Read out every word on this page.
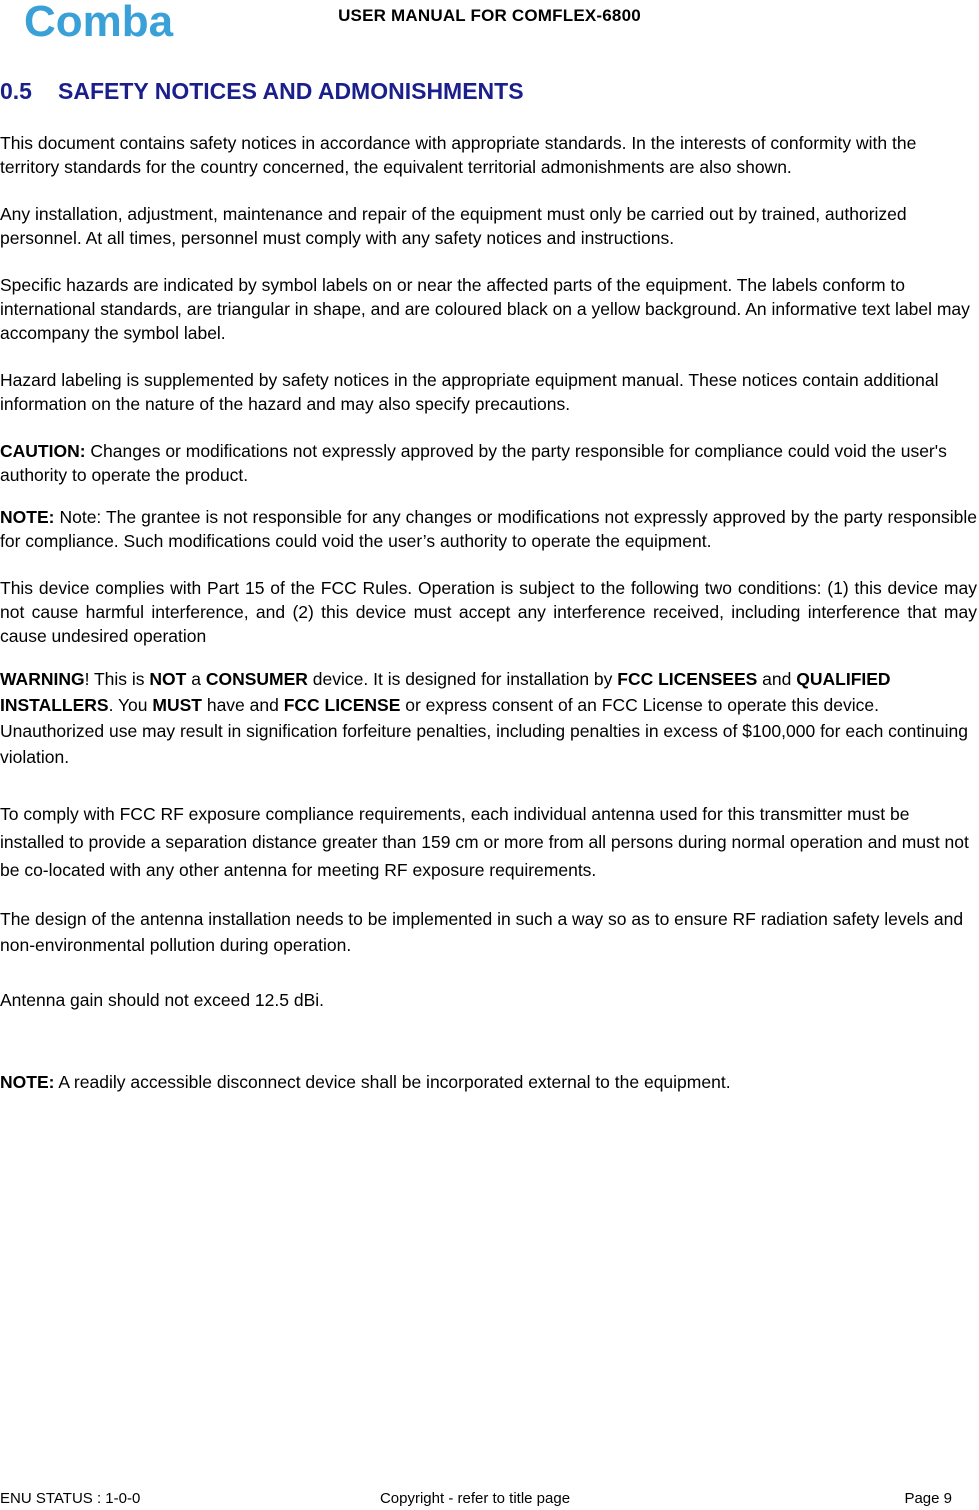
Comba	USER MANUAL FOR COMFLEX-6800
0.5 SAFETY NOTICES AND ADMONISHMENTS

This document contains safety notices in accordance with appropriate standards. In the interests of conformity with the territory standards for the country concerned, the equivalent territorial admonishments are also shown.

Any installation, adjustment, maintenance and repair of the equipment must only be carried out by trained, authorized personnel. At all times, personnel must comply with any safety notices and instructions.

Specific hazards are indicated by symbol labels on or near the affected parts of the equipment. The labels conform to international standards, are triangular in shape, and are coloured black on a yellow background. An informative text label may accompany the symbol label.

Hazard labeling is supplemented by safety notices in the appropriate equipment manual. These notices contain additional information on the nature of the hazard and may also specify precautions.

CAUTION: Changes or modifications not expressly approved by the party responsible for compliance could void the user's authority to operate the product.

NOTE: Note: The grantee is not responsible for any changes or modifications not expressly approved by the party responsible for compliance. Such modifications could void the user’s authority to operate the equipment.

This device complies with Part 15 of the FCC Rules. Operation is subject to the following two conditions: (1) this device may not cause harmful interference, and (2) this device must accept any interference received, including interference that may cause undesired operation

WARNING! This is NOT a CONSUMER device. It is designed for installation by FCC LICENSEES and QUALIFIED INSTALLERS. You MUST have and FCC LICENSE or express consent of an FCC License to operate this device. Unauthorized use may result in signification forfeiture penalties, including penalties in excess of $100,000 for each continuing violation.

To comply with FCC RF exposure compliance requirements, each individual antenna used for this transmitter must be installed to provide a separation distance greater than 159 cm or more from all persons during normal operation and must not be co-located with any other antenna for meeting RF exposure requirements.

The design of the antenna installation needs to be implemented in such a way so as to ensure RF radiation safety levels and non-environmental pollution during operation.

Antenna gain should not exceed 12.5 dBi.

NOTE: A readily accessible disconnect device shall be incorporated external to the equipment.

ENU STATUS : 1-0-0	Copyright - refer to title page	Page 9
